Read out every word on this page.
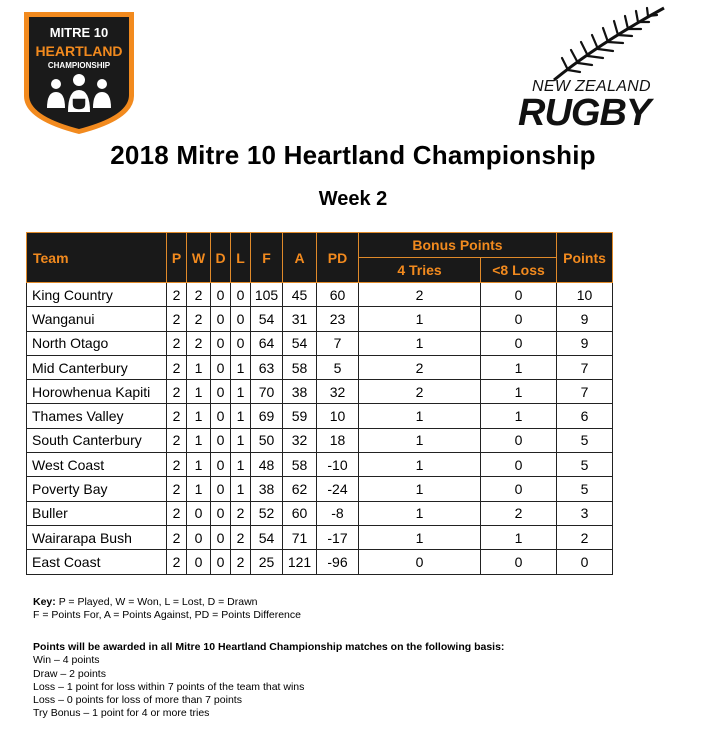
MITRE 10
HEARTLAND
CHAMPIONSHIP
NEW ZEALAND
RUGBY
2018 Mitre 10 Heartland Championship
Week 2
Team	P	W	D	L	F	A	PD	Bonus Points		Points
								4 Tries	<8 Loss	
King Country	2	2	0	0	105	45	60	2	0	10
Wanganui	2	2	0	0	54	31	23	1	0	9
North Otago	2	2	0	0	64	54	7	1	0	9
Mid Canterbury	2	1	0	1	63	58	5	2	1	7
Horowhenua Kapiti	2	1	0	1	70	38	32	2	1	7
Thames Valley	2	1	0	1	69	59	10	1	1	6
South Canterbury	2	1	0	1	50	32	18	1	0	5
West Coast	2	1	0	1	48	58	-10	1	0	5
Poverty Bay	2	1	0	1	38	62	-24	1	0	5
Buller	2	0	0	2	52	60	-8	1	2	3
Wairarapa Bush	2	0	0	2	54	71	-17	1	1	2
East Coast	2	0	0	2	25	121	-96	0	0	0
Key: P = Played, W = Won, L = Lost, D = Drawn
F = Points For, A = Points Against, PD = Points Difference
Points will be awarded in all Mitre 10 Heartland Championship matches on the following basis:
Win – 4 points
Draw – 2 points
Loss – 1 point for loss within 7 points of the team that wins
Loss – 0 points for loss of more than 7 points
Try Bonus – 1 point for 4 or more tries
